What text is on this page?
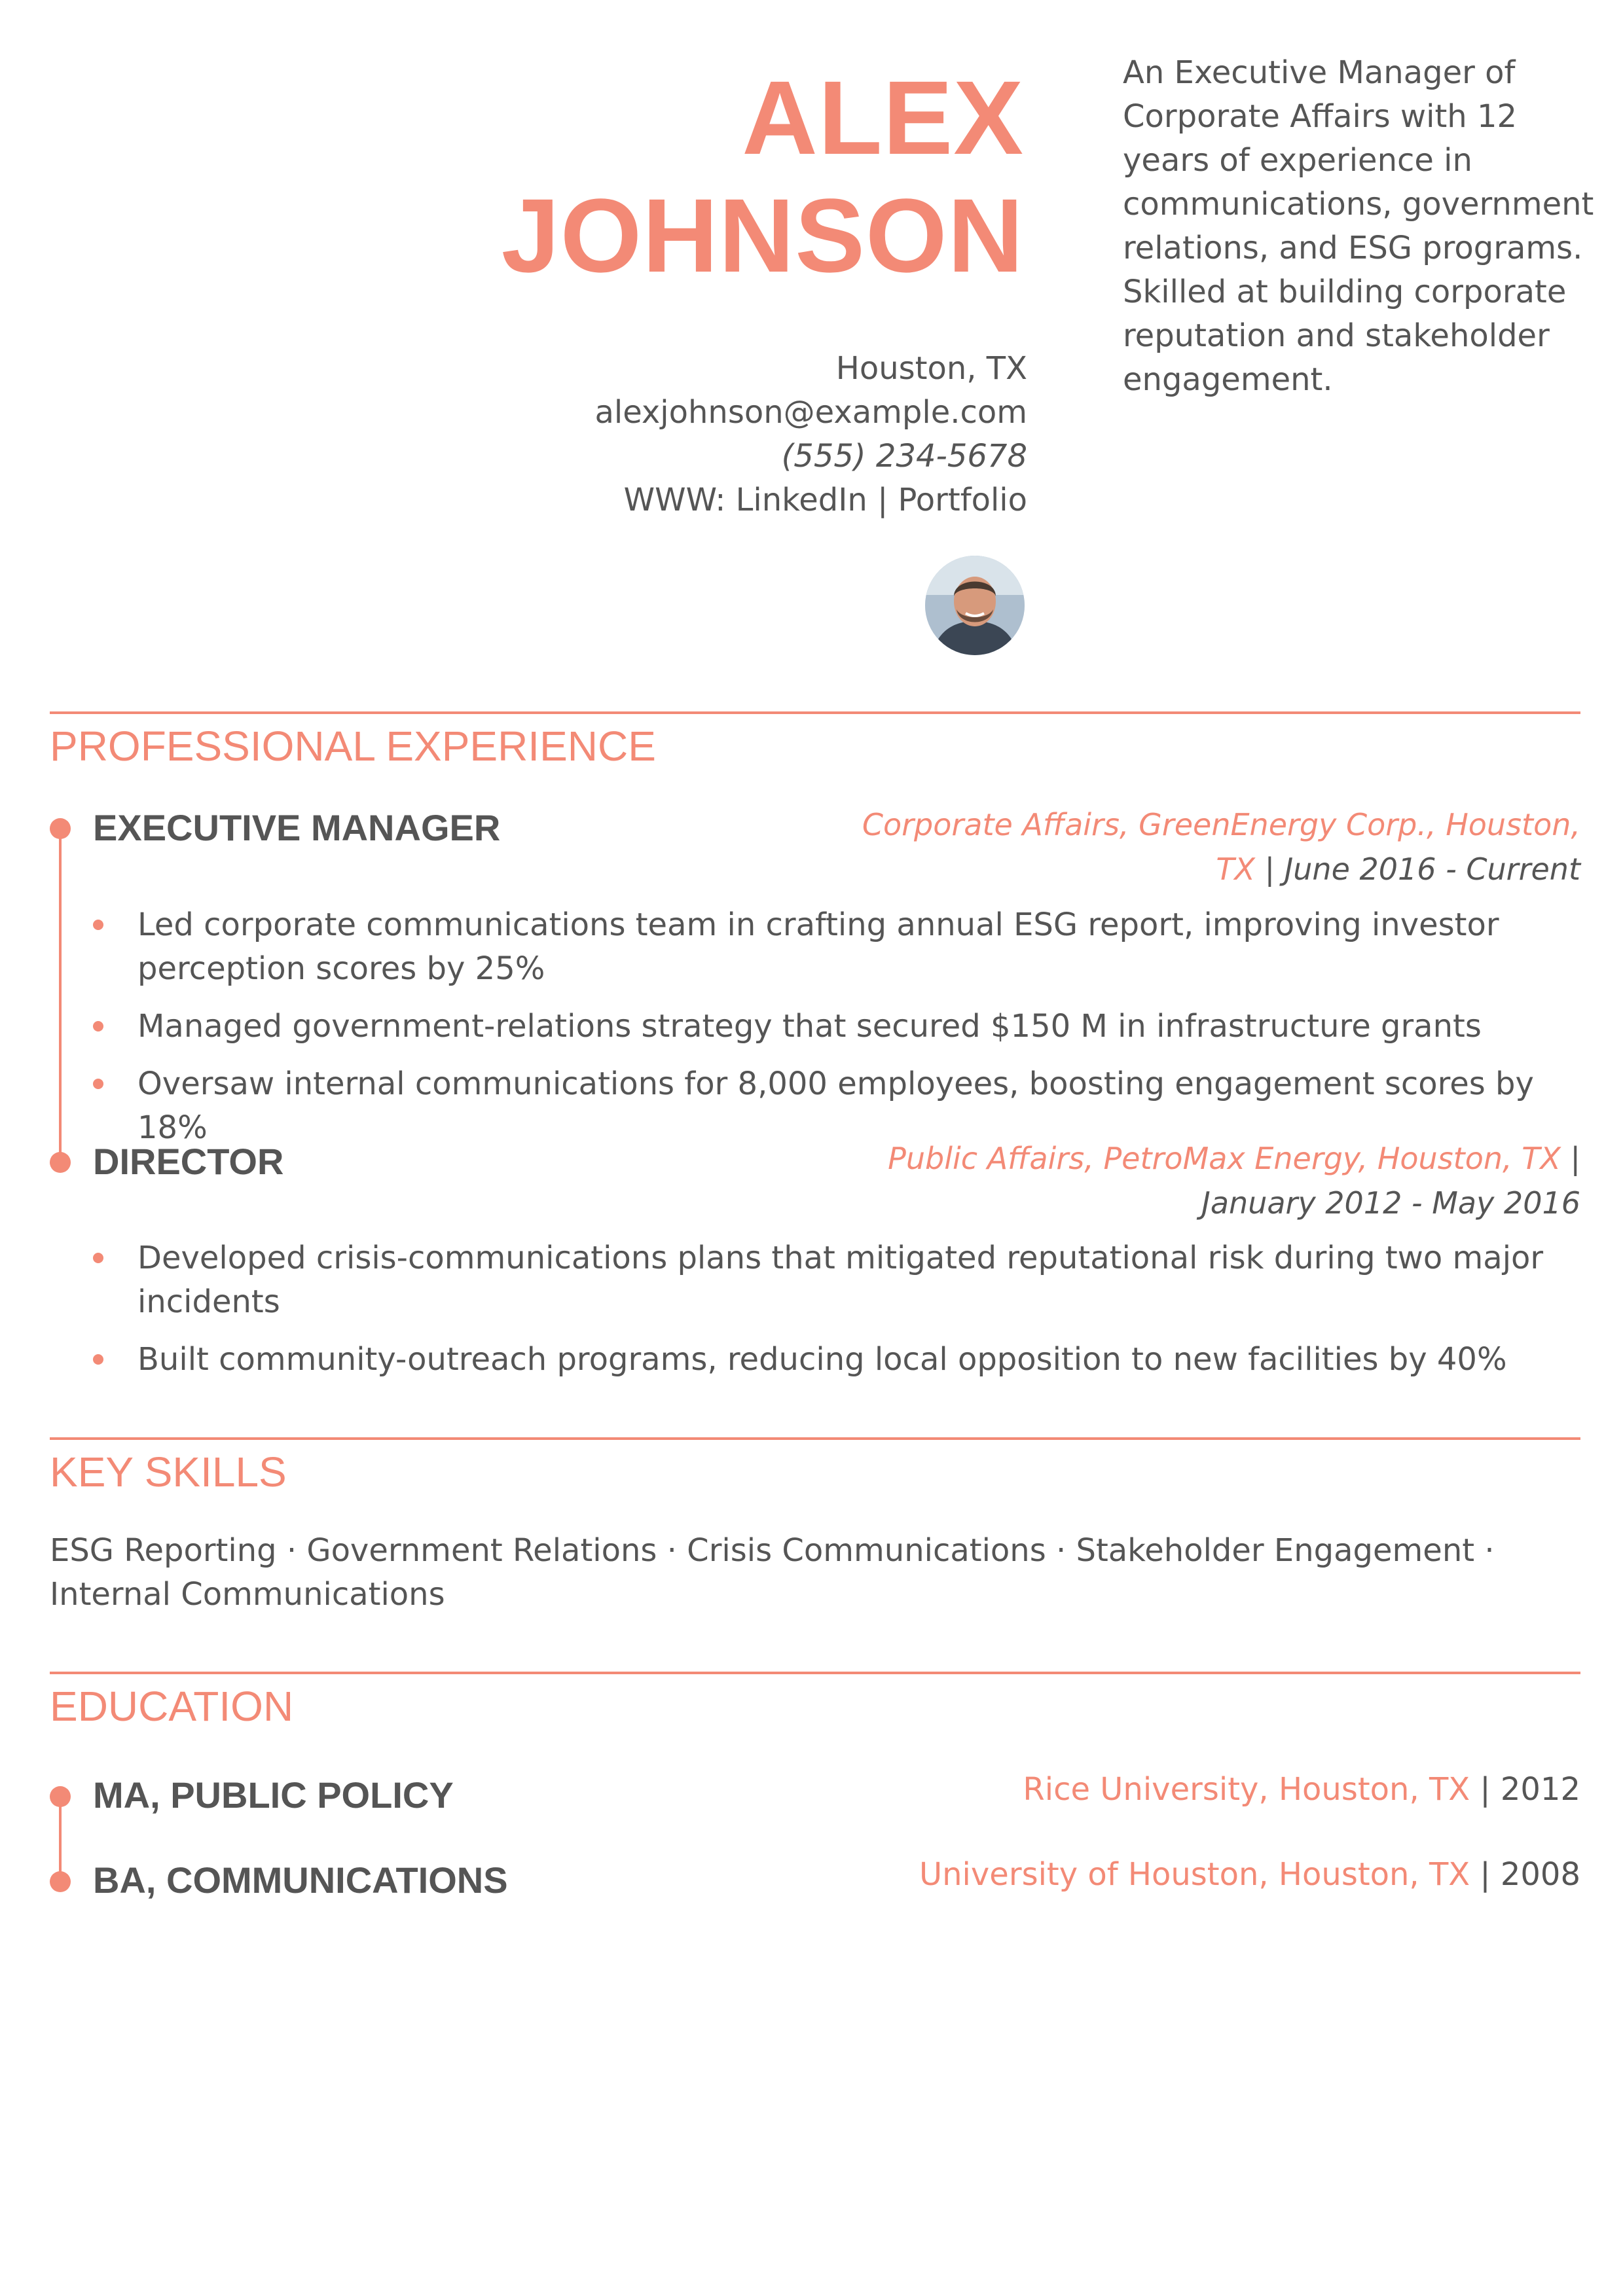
ALEX
JOHNSON
Houston, TX
alexjohnson@example.com
(555) 234-5678
WWW: LinkedIn | Portfolio
An Executive Manager of Corporate Affairs with 12 years of experience in communications, government relations, and ESG programs. Skilled at building corporate reputation and stakeholder engagement.
PROFESSIONAL EXPERIENCE
EXECUTIVE MANAGER	Corporate Affairs, GreenEnergy Corp., Houston,
TX | June 2016 - Current
Led corporate communications team in crafting annual ESG report, improving investor perception scores by 25%
Managed government-relations strategy that secured $150 M in infrastructure grants
Oversaw internal communications for 8,000 employees, boosting engagement scores by 18%
DIRECTOR	Public Affairs, PetroMax Energy, Houston, TX |
January 2012 - May 2016
Developed crisis-communications plans that mitigated reputational risk during two major incidents
Built community-outreach programs, reducing local opposition to new facilities by 40%
KEY SKILLS
ESG Reporting · Government Relations · Crisis Communications · Stakeholder Engagement · Internal Communications
EDUCATION
MA, PUBLIC POLICY	Rice University, Houston, TX | 2012
BA, COMMUNICATIONS	University of Houston, Houston, TX | 2008
